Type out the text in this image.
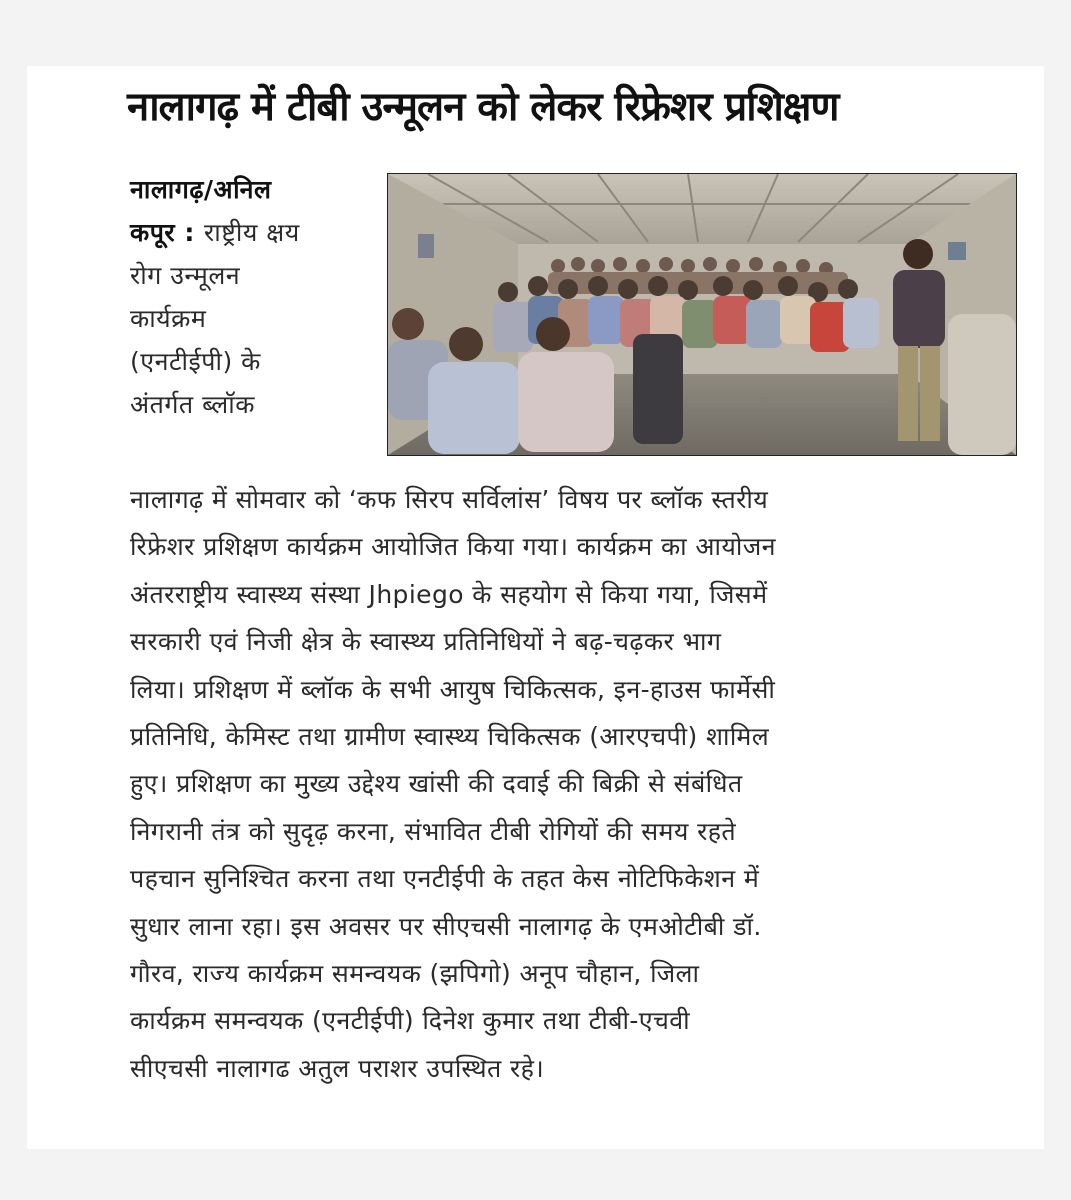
नालागढ़ में टीबी उन्मूलन को लेकर रिफ्रेशर प्रशिक्षण
नालागढ़/अनिल
कपूर : राष्ट्रीय क्षय
रोग उन्मूलन
कार्यक्रम
(एनटीईपी) के
अंतर्गत ब्लॉक
नालागढ़ में सोमवार को ‘कफ सिरप सर्विलांस’ विषय पर ब्लॉक स्तरीय
रिफ्रेशर प्रशिक्षण कार्यक्रम आयोजित किया गया। कार्यक्रम का आयोजन
अंतरराष्ट्रीय स्वास्थ्य संस्था Jhpiego के सहयोग से किया गया, जिसमें
सरकारी एवं निजी क्षेत्र के स्वास्थ्य प्रतिनिधियों ने बढ़-चढ़कर भाग
लिया। प्रशिक्षण में ब्लॉक के सभी आयुष चिकित्सक, इन-हाउस फार्मेसी
प्रतिनिधि, केमिस्ट तथा ग्रामीण स्वास्थ्य चिकित्सक (आरएचपी) शामिल
हुए। प्रशिक्षण का मुख्य उद्देश्य खांसी की दवाई की बिक्री से संबंधित
निगरानी तंत्र को सुदृढ़ करना, संभावित टीबी रोगियों की समय रहते
पहचान सुनिश्चित करना तथा एनटीईपी के तहत केस नोटिफिकेशन में
सुधार लाना रहा। इस अवसर पर सीएचसी नालागढ़ के एमओटीबी डॉ.
गौरव, राज्य कार्यक्रम समन्वयक (झपिगो) अनूप चौहान, जिला
कार्यक्रम समन्वयक (एनटीईपी) दिनेश कुमार तथा टीबी-एचवी
सीएचसी नालागढ अतुल पराशर उपस्थित रहे।
